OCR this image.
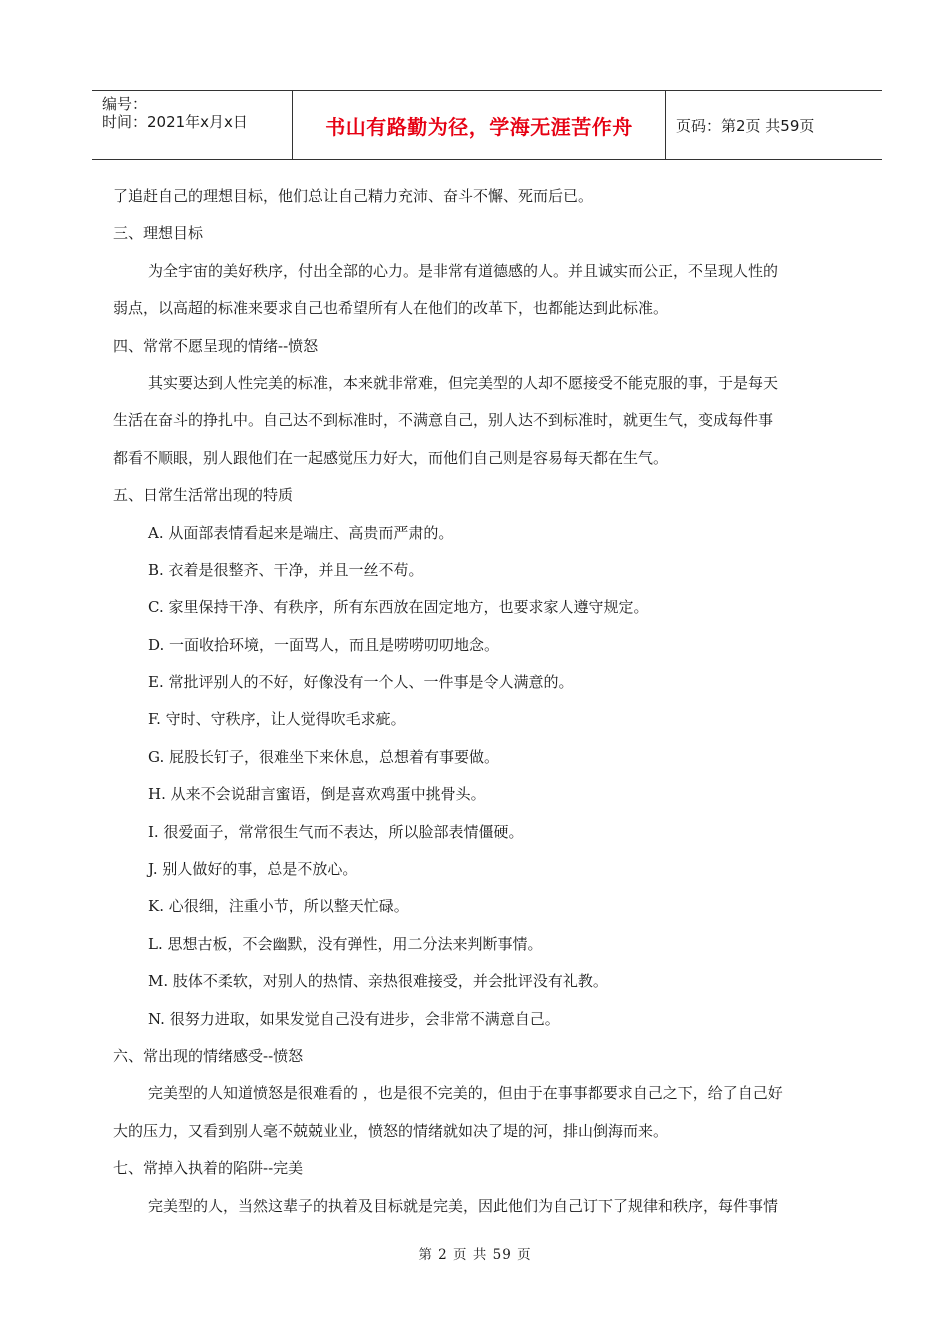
编号：
时间：2021年x月x日	书山有路勤为径，学海无涯苦作舟	页码：第2页 共59页
了追赶自己的理想目标，他们总让自己精力充沛、奋斗不懈、死而后已。
三、理想目标
为全宇宙的美好秩序，付出全部的心力。是非常有道德感的人。并且诚实而公正，不呈现人性的
弱点，以高超的标准来要求自己也希望所有人在他们的改革下，也都能达到此标准。
四、常常不愿呈现的情绪--愤怒
其实要达到人性完美的标准，本来就非常难，但完美型的人却不愿接受不能克服的事，于是每天
生活在奋斗的挣扎中。自己达不到标准时，不满意自己，别人达不到标准时，就更生气，变成每件事
都看不顺眼，别人跟他们在一起感觉压力好大，而他们自己则是容易每天都在生气。
五、日常生活常出现的特质
A. 从面部表情看起来是端庄、高贵而严肃的。
B. 衣着是很整齐、干净，并且一丝不苟。
C. 家里保持干净、有秩序，所有东西放在固定地方，也要求家人遵守规定。
D. 一面收拾环境，一面骂人，而且是唠唠叨叨地念。
E. 常批评别人的不好，好像没有一个人、一件事是令人满意的。
F. 守时、守秩序，让人觉得吹毛求疵。
G. 屁股长钉子，很难坐下来休息，总想着有事要做。
H. 从来不会说甜言蜜语，倒是喜欢鸡蛋中挑骨头。
I. 很爱面子，常常很生气而不表达，所以脸部表情僵硬。
J. 别人做好的事，总是不放心。
K. 心很细，注重小节，所以整天忙碌。
L. 思想古板，不会幽默，没有弹性，用二分法来判断事情。
M. 肢体不柔软，对别人的热情、亲热很难接受，并会批评没有礼教。
N. 很努力进取，如果发觉自己没有进步，会非常不满意自己。
六、常出现的情绪感受--愤怒
完美型的人知道愤怒是很难看的 ，也是很不完美的，但由于在事事都要求自己之下，给了自己好
大的压力，又看到别人毫不兢兢业业，愤怒的情绪就如决了堤的河，排山倒海而来。
七、常掉入执着的陷阱--完美
完美型的人，当然这辈子的执着及目标就是完美，因此他们为自己订下了规律和秩序，每件事情
第 2 页 共 59 页
